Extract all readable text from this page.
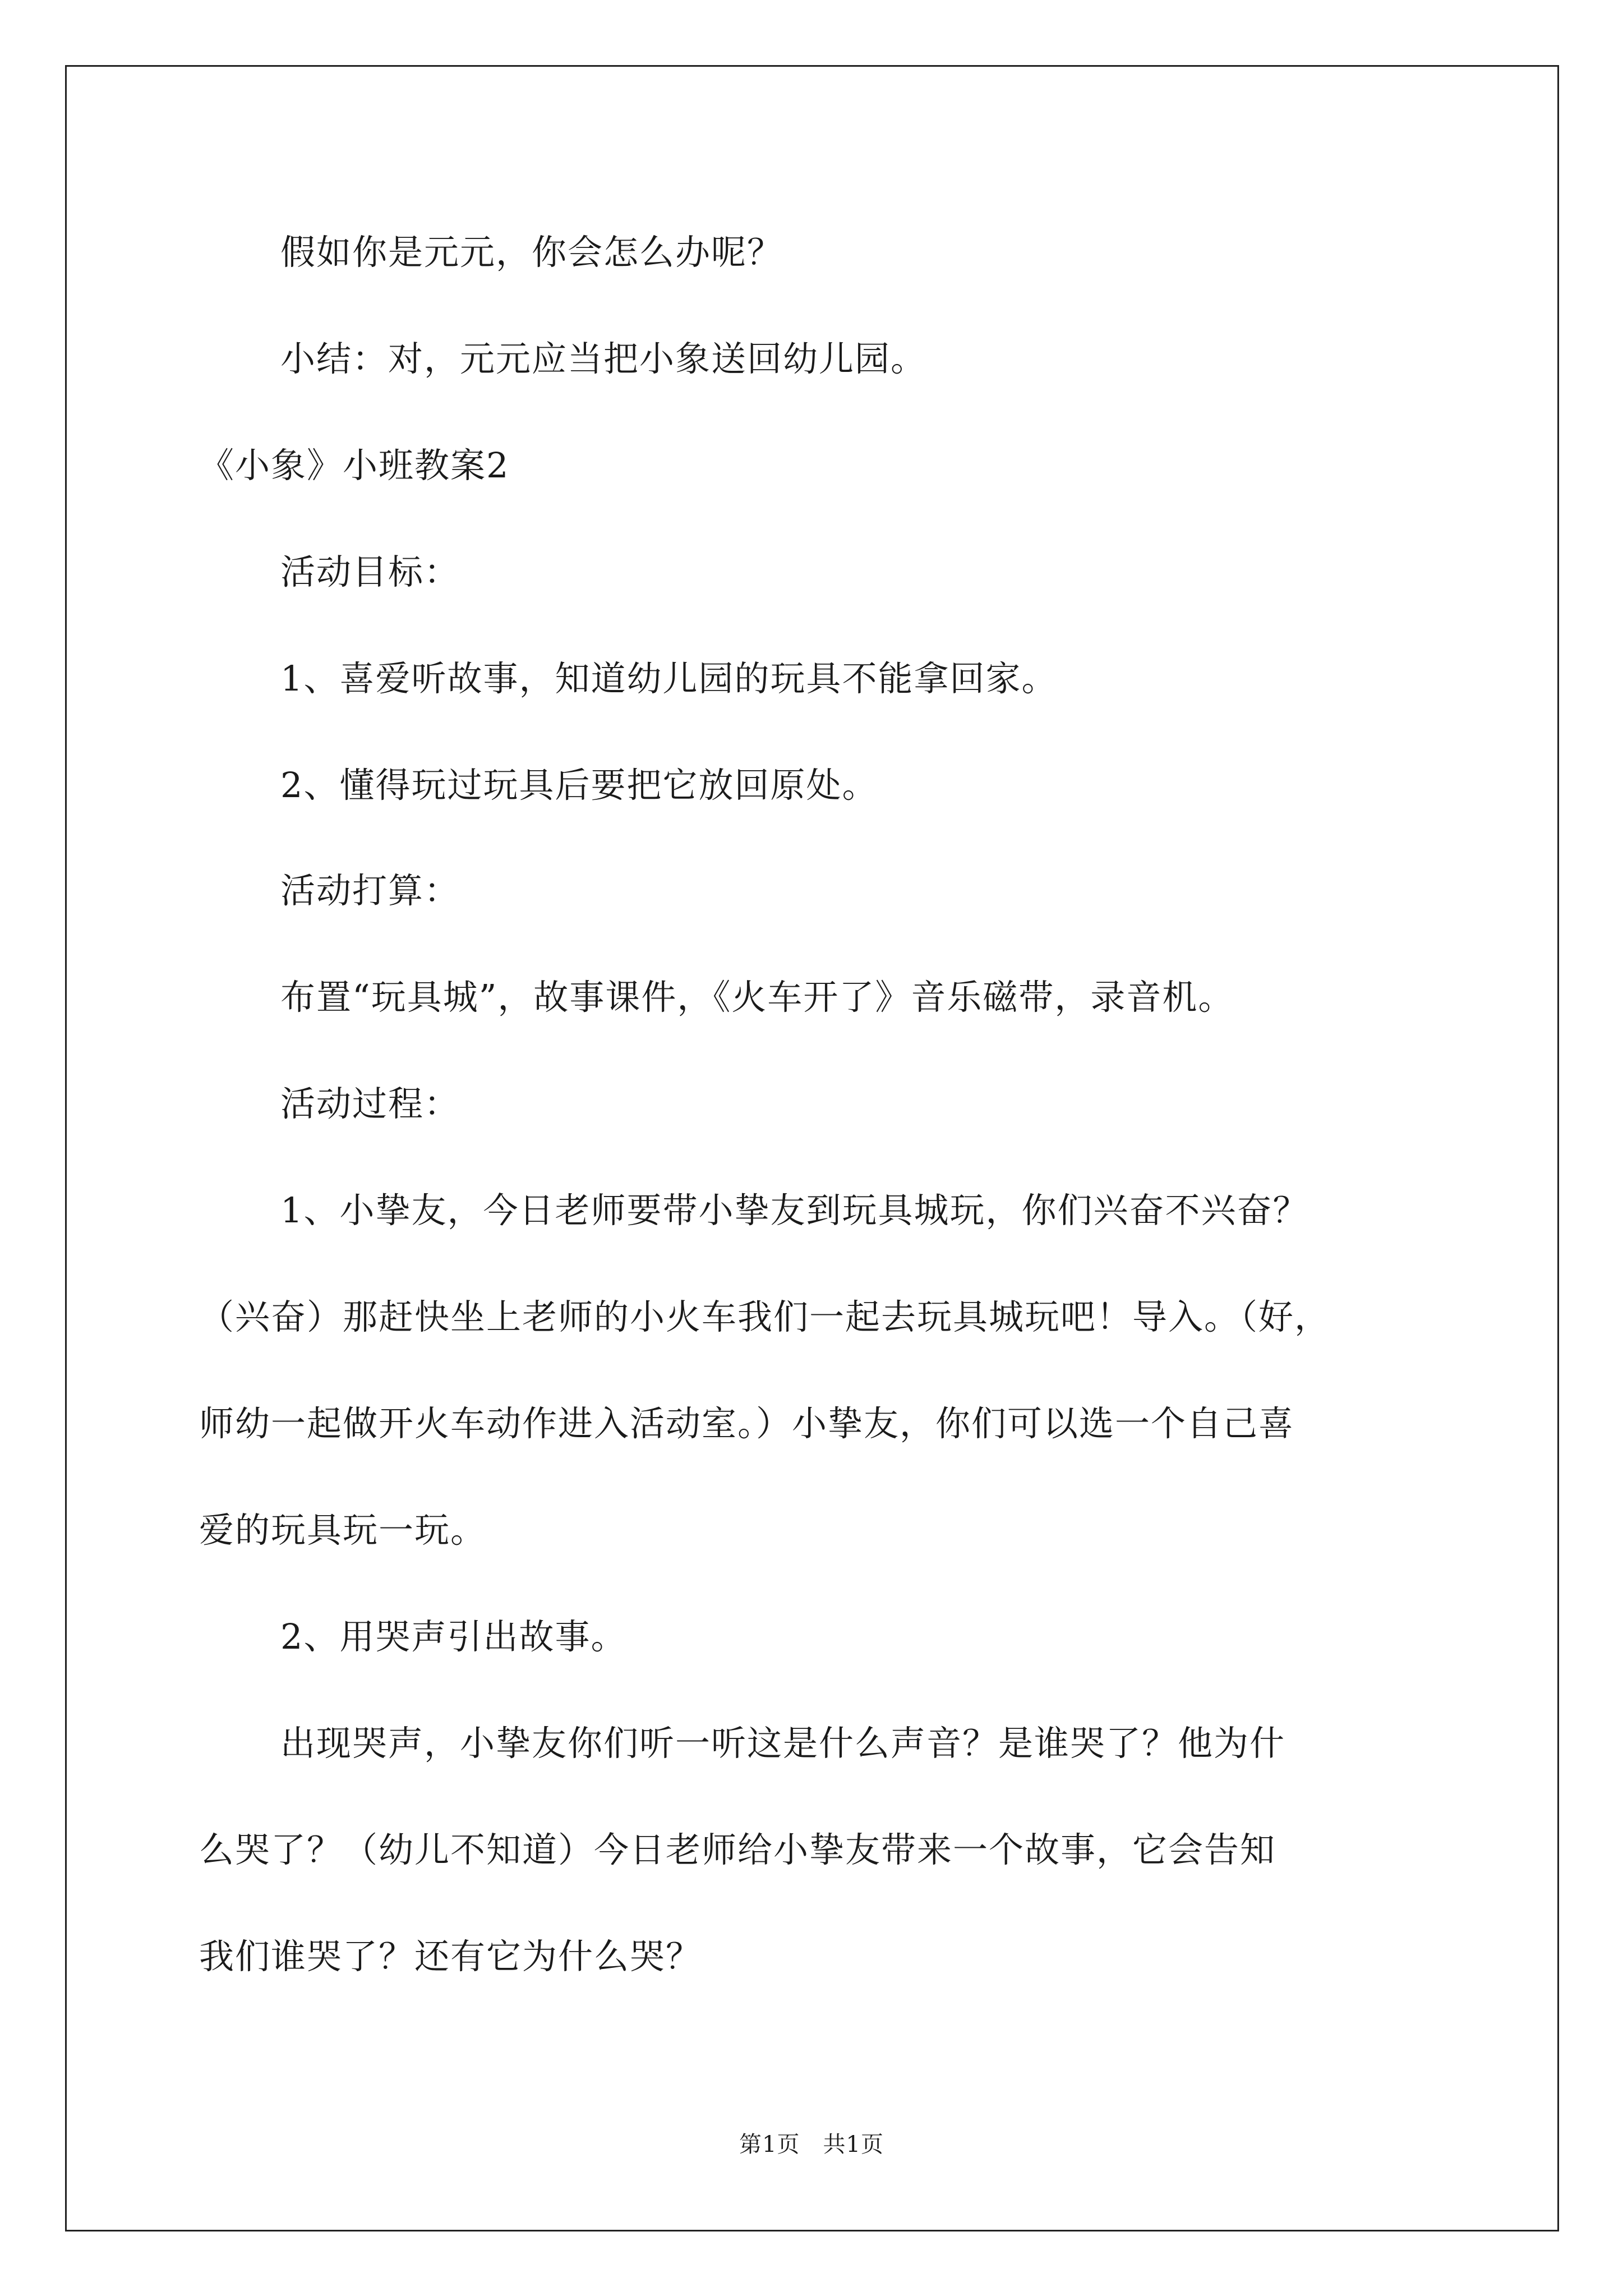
假如你是元元，你会怎么办呢？
小结：对，元元应当把小象送回幼儿园。
《小象》小班教案2
活动目标：
1、喜爱听故事，知道幼儿园的玩具不能拿回家。
2、懂得玩过玩具后要把它放回原处。
活动打算：
布置“玩具城”，故事课件，《火车开了》音乐磁带，录音机。
活动过程：
1、小挚友，今日老师要带小挚友到玩具城玩，你们兴奋不兴奋？
（兴奋）那赶快坐上老师的小火车我们一起去玩具城玩吧！导入。（好，
师幼一起做开火车动作进入活动室。）小挚友，你们可以选一个自己喜
爱的玩具玩一玩。
2、用哭声引出故事。
出现哭声，小挚友你们听一听这是什么声音？是谁哭了？他为什
么哭了？（幼儿不知道）今日老师给小挚友带来一个故事，它会告知
我们谁哭了？还有它为什么哭？
第1页　共1页
